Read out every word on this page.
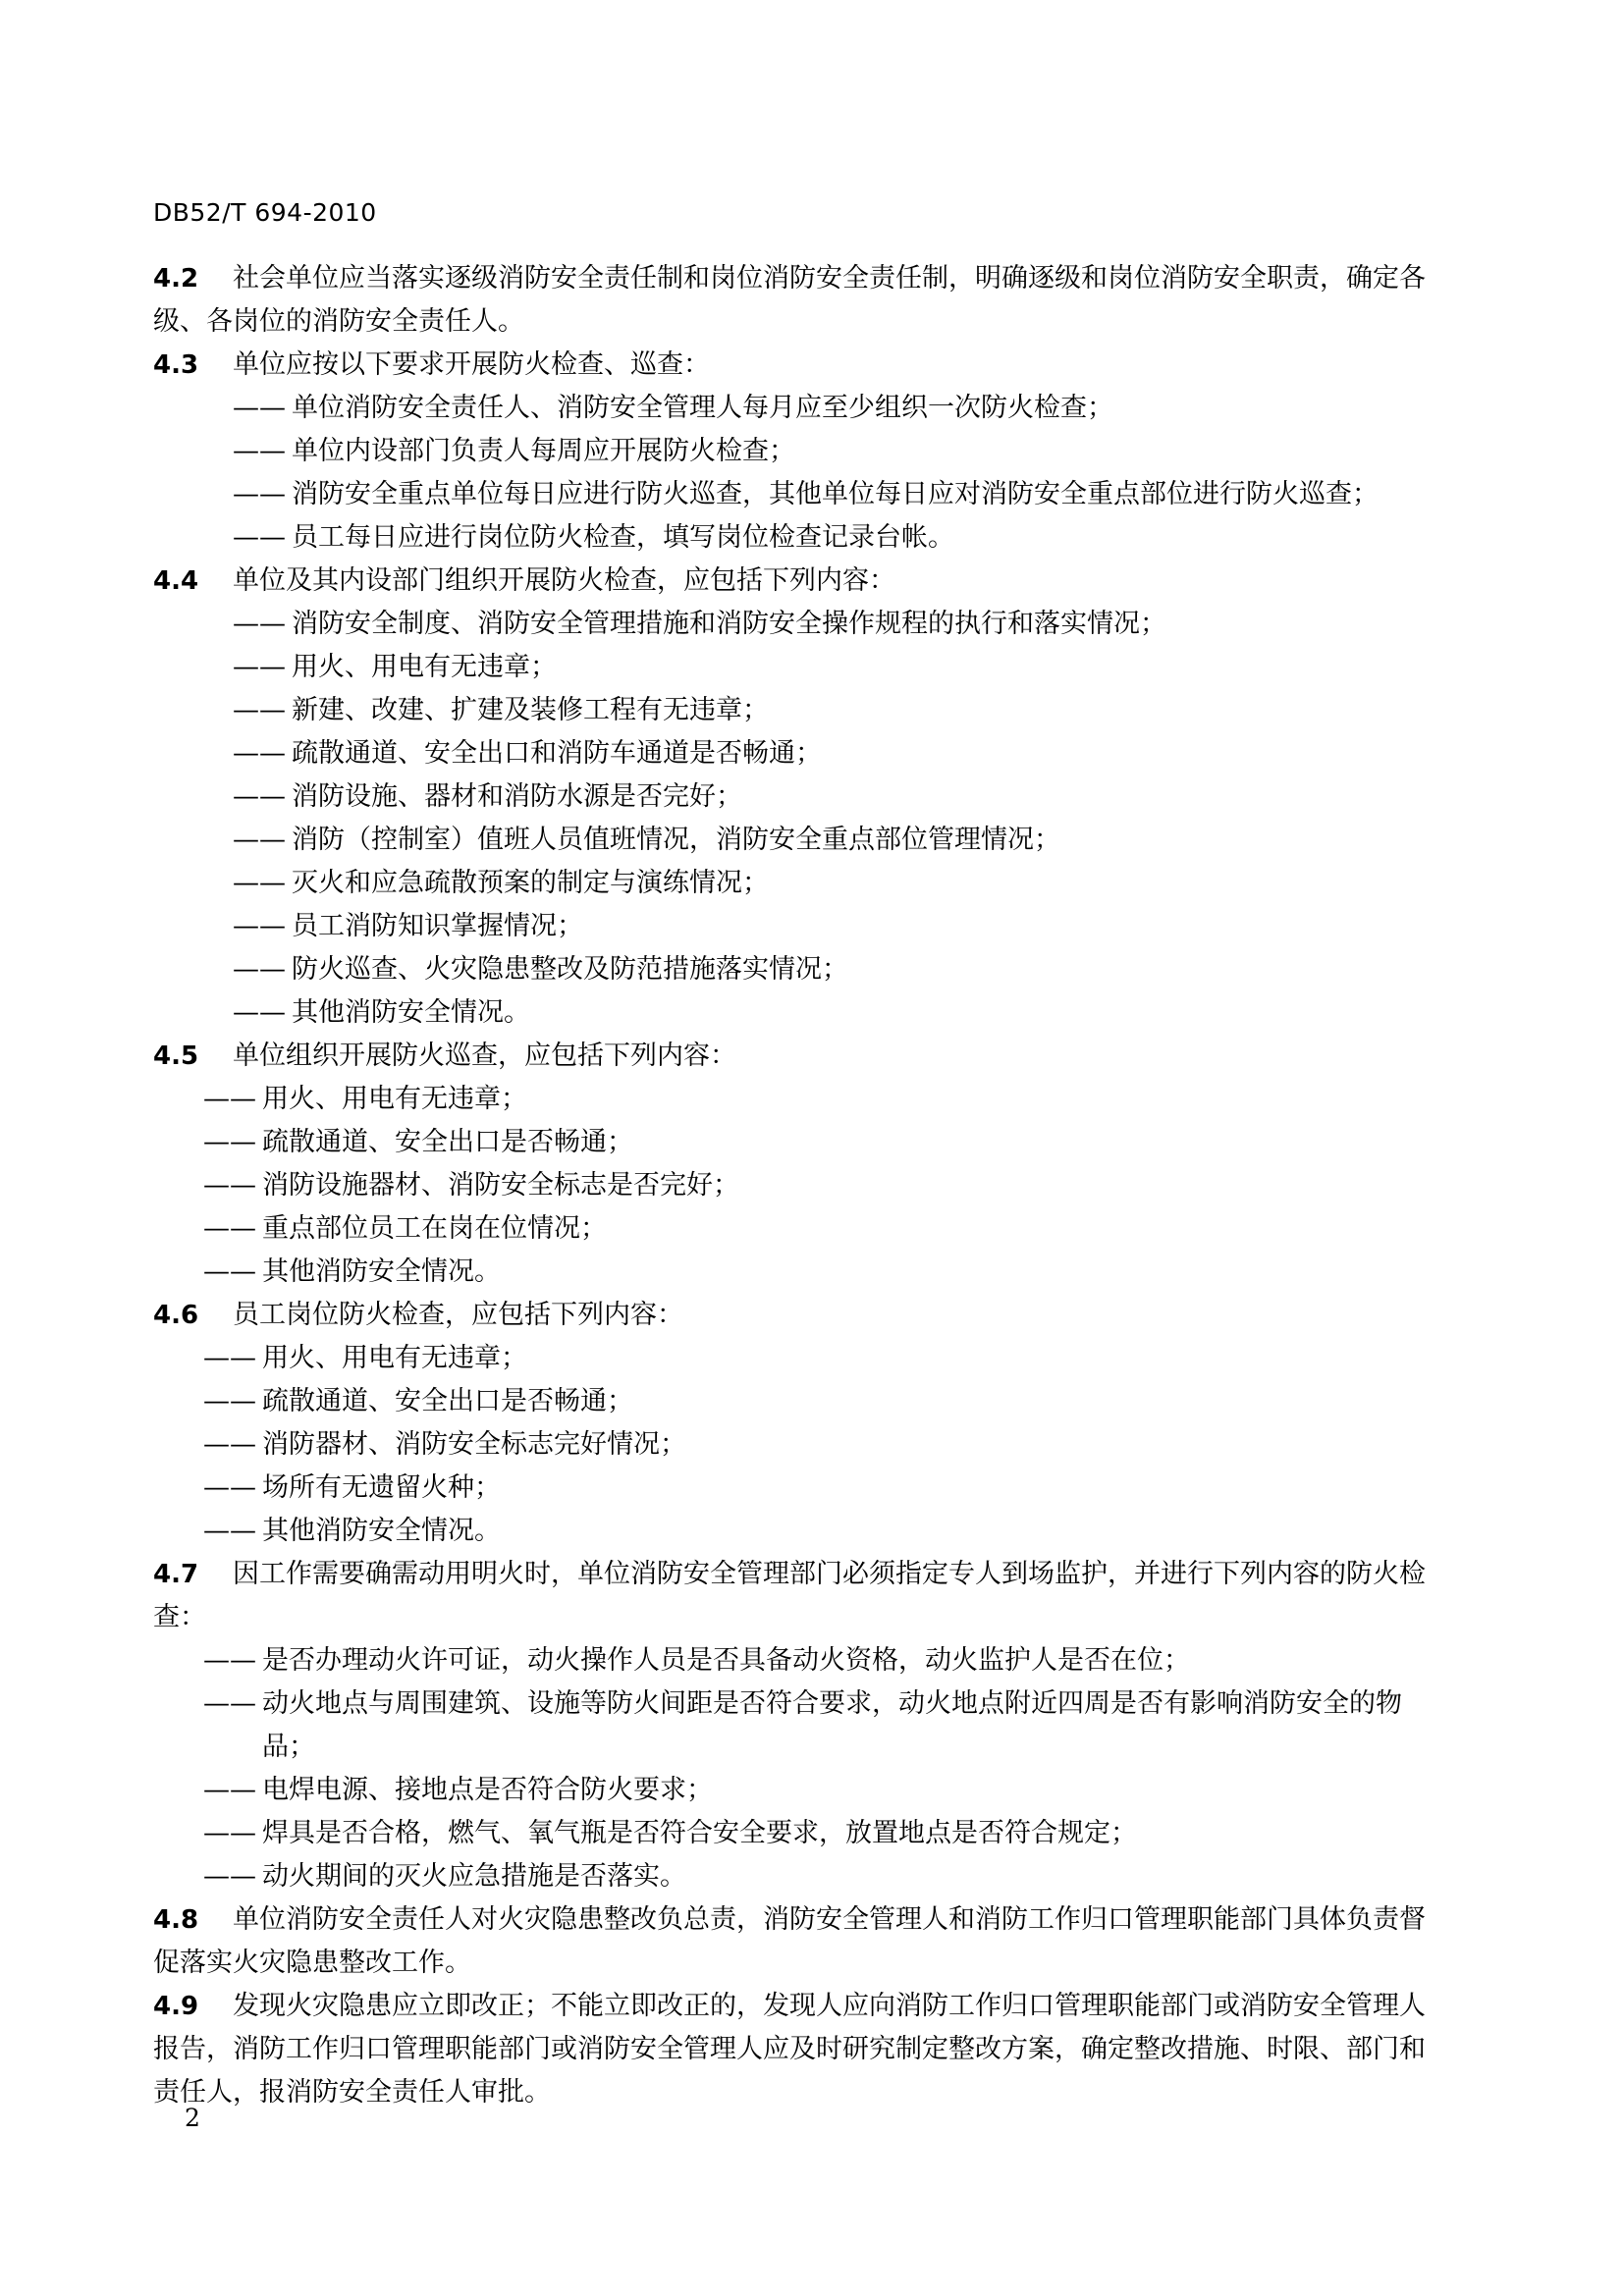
DB52/T 694-2010
4.2 社会单位应当落实逐级消防安全责任制和岗位消防安全责任制，明确逐级和岗位消防安全职责，确定各级、各岗位的消防安全责任人。
4.3 单位应按以下要求开展防火检查、巡查：
—— 单位消防安全责任人、消防安全管理人每月应至少组织一次防火检查；
—— 单位内设部门负责人每周应开展防火检查；
—— 消防安全重点单位每日应进行防火巡查，其他单位每日应对消防安全重点部位进行防火巡查；
—— 员工每日应进行岗位防火检查，填写岗位检查记录台帐。
4.4 单位及其内设部门组织开展防火检查，应包括下列内容：
—— 消防安全制度、消防安全管理措施和消防安全操作规程的执行和落实情况；
—— 用火、用电有无违章；
—— 新建、改建、扩建及装修工程有无违章；
—— 疏散通道、安全出口和消防车通道是否畅通；
—— 消防设施、器材和消防水源是否完好；
—— 消防（控制室）值班人员值班情况，消防安全重点部位管理情况；
—— 灭火和应急疏散预案的制定与演练情况；
—— 员工消防知识掌握情况；
—— 防火巡查、火灾隐患整改及防范措施落实情况；
—— 其他消防安全情况。
4.5 单位组织开展防火巡查，应包括下列内容：
—— 用火、用电有无违章；
—— 疏散通道、安全出口是否畅通；
—— 消防设施器材、消防安全标志是否完好；
—— 重点部位员工在岗在位情况；
—— 其他消防安全情况。
4.6 员工岗位防火检查，应包括下列内容：
—— 用火、用电有无违章；
—— 疏散通道、安全出口是否畅通；
—— 消防器材、消防安全标志完好情况；
—— 场所有无遗留火种；
—— 其他消防安全情况。
4.7 因工作需要确需动用明火时，单位消防安全管理部门必须指定专人到场监护，并进行下列内容的防火检查：
—— 是否办理动火许可证，动火操作人员是否具备动火资格，动火监护人是否在位；
—— 动火地点与周围建筑、设施等防火间距是否符合要求，动火地点附近四周是否有影响消防安全的物品；
—— 电焊电源、接地点是否符合防火要求；
—— 焊具是否合格，燃气、氧气瓶是否符合安全要求，放置地点是否符合规定；
—— 动火期间的灭火应急措施是否落实。
4.8 单位消防安全责任人对火灾隐患整改负总责，消防安全管理人和消防工作归口管理职能部门具体负责督促落实火灾隐患整改工作。
4.9 发现火灾隐患应立即改正；不能立即改正的，发现人应向消防工作归口管理职能部门或消防安全管理人报告，消防工作归口管理职能部门或消防安全管理人应及时研究制定整改方案，确定整改措施、时限、部门和责任人，报消防安全责任人审批。
2
